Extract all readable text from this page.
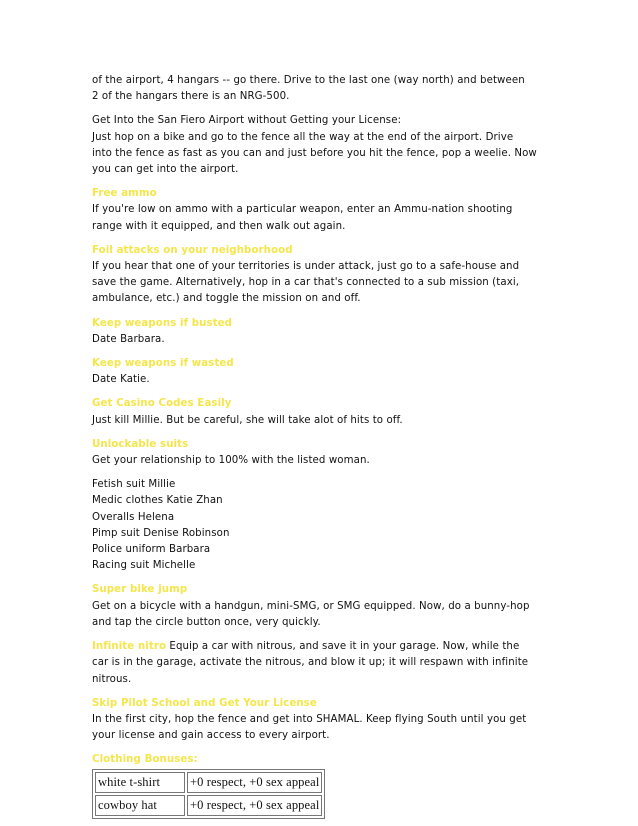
of the airport, 4 hangars -- go there. Drive to the last one (way north) and between
2 of the hangars there is an NRG-500.
Get Into the San Fiero Airport without Getting your License:
Just hop on a bike and go to the fence all the way at the end of the airport. Drive
into the fence as fast as you can and just before you hit the fence, pop a weelie. Now
you can get into the airport.
Free ammo
If you're low on ammo with a particular weapon, enter an Ammu-nation shooting
range with it equipped, and then walk out again.
Foil attacks on your neighborhood
If you hear that one of your territories is under attack, just go to a safe-house and
save the game. Alternatively, hop in a car that's connected to a sub mission (taxi,
ambulance, etc.) and toggle the mission on and off.
Keep weapons if busted
Date Barbara.
Keep weapons if wasted
Date Katie.
Get Casino Codes Easily
Just kill Millie. But be careful, she will take alot of hits to off.
Unlockable suits
Get your relationship to 100% with the listed woman.
Fetish suit Millie
Medic clothes Katie Zhan
Overalls Helena
Pimp suit Denise Robinson
Police uniform Barbara
Racing suit Michelle
Super bike jump
Get on a bicycle with a handgun, mini-SMG, or SMG equipped. Now, do a bunny-hop
and tap the circle button once, very quickly.
Infinite nitro Equip a car with nitrous, and save it in your garage. Now, while the
car is in the garage, activate the nitrous, and blow it up; it will respawn with infinite
nitrous.
Skip Pilot School and Get Your License
In the first city, hop the fence and get into SHAMAL. Keep flying South until you get
your license and gain access to every airport.
Clothing Bonuses:
white t-shirt	+0 respect, +0 sex appeal
cowboy hat	+0 respect, +0 sex appeal
